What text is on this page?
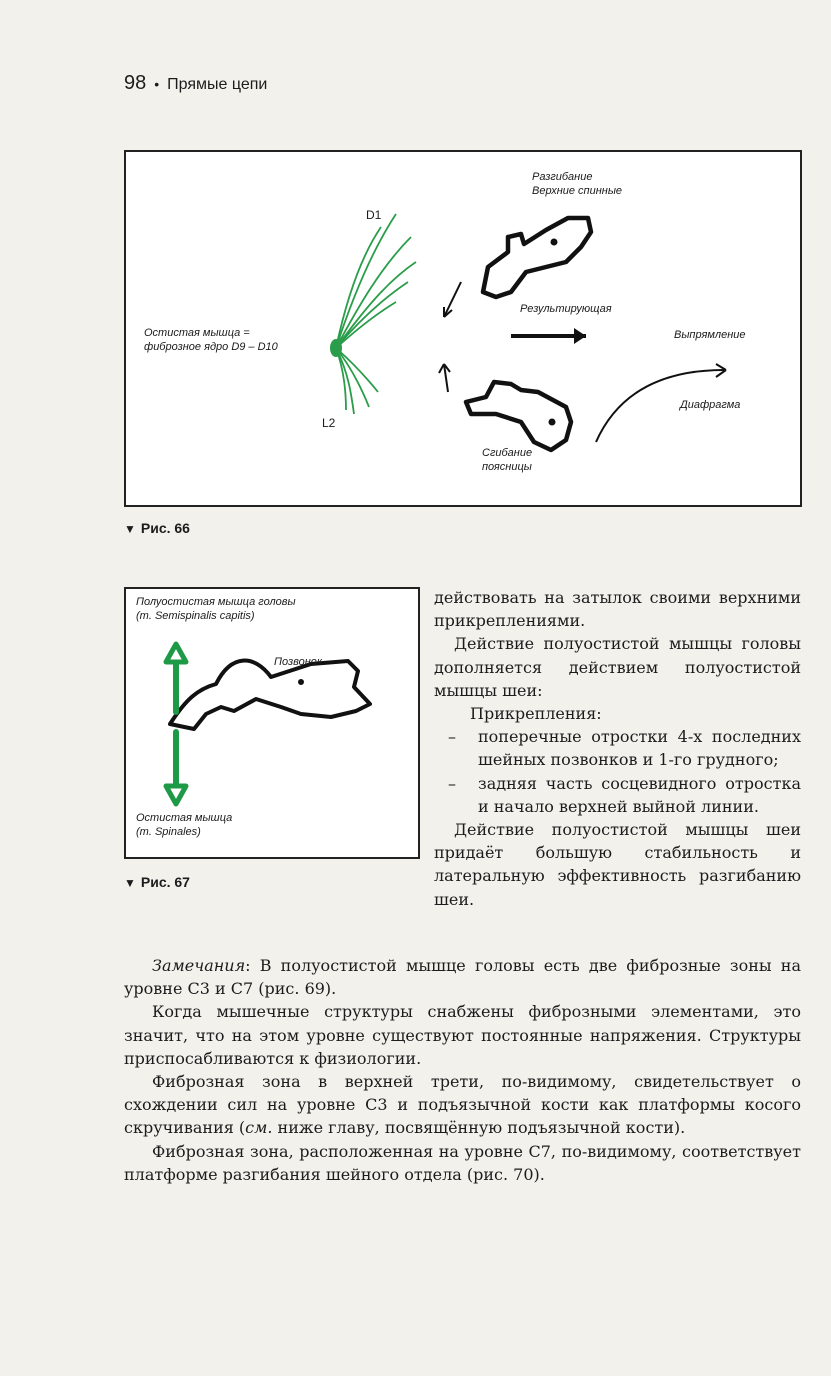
98 • Прямые цепи
Разгибание
Верхние спинные
D1
L2
Остистая мышца =
фиброзное ядро D9 – D10
Результирующая
Выпрямление
Диафрагма
Сгибание
поясницы
▼ Рис. 66
Полуостистая мышца головы
(m. Semispinalis capitis)
Позвонок
Остистая мышца
(m. Spinales)
▼ Рис. 67

действовать на затылок своими верхними прикреплениями.

Действие полуостистой мышцы головы дополняется действием полуостистой мышцы шеи:

Прикрепления:

– поперечные отростки 4-х последних шейных позвонков и 1-го грудного;
– задняя часть сосцевидного отростка и начало верхней выйной линии.

Действие полуостистой мышцы шеи придаёт большую стабильность и латеральную эффективность разгибанию шеи.

Замечания: В полуостистой мышце головы есть две фиброзные зоны на уровне С3 и С7 (рис. 69).

Когда мышечные структуры снабжены фиброзными элементами, это значит, что на этом уровне существуют постоянные напряжения. Структуры приспосабливаются к физиологии.

Фиброзная зона в верхней трети, по-видимому, свидетельствует о схождении сил на уровне С3 и подъязычной кости как платформы косого скручивания (см. ниже главу, посвящённую подъязычной кости).

Фиброзная зона, расположенная на уровне С7, по-видимому, соответствует платформе разгибания шейного отдела (рис. 70).
